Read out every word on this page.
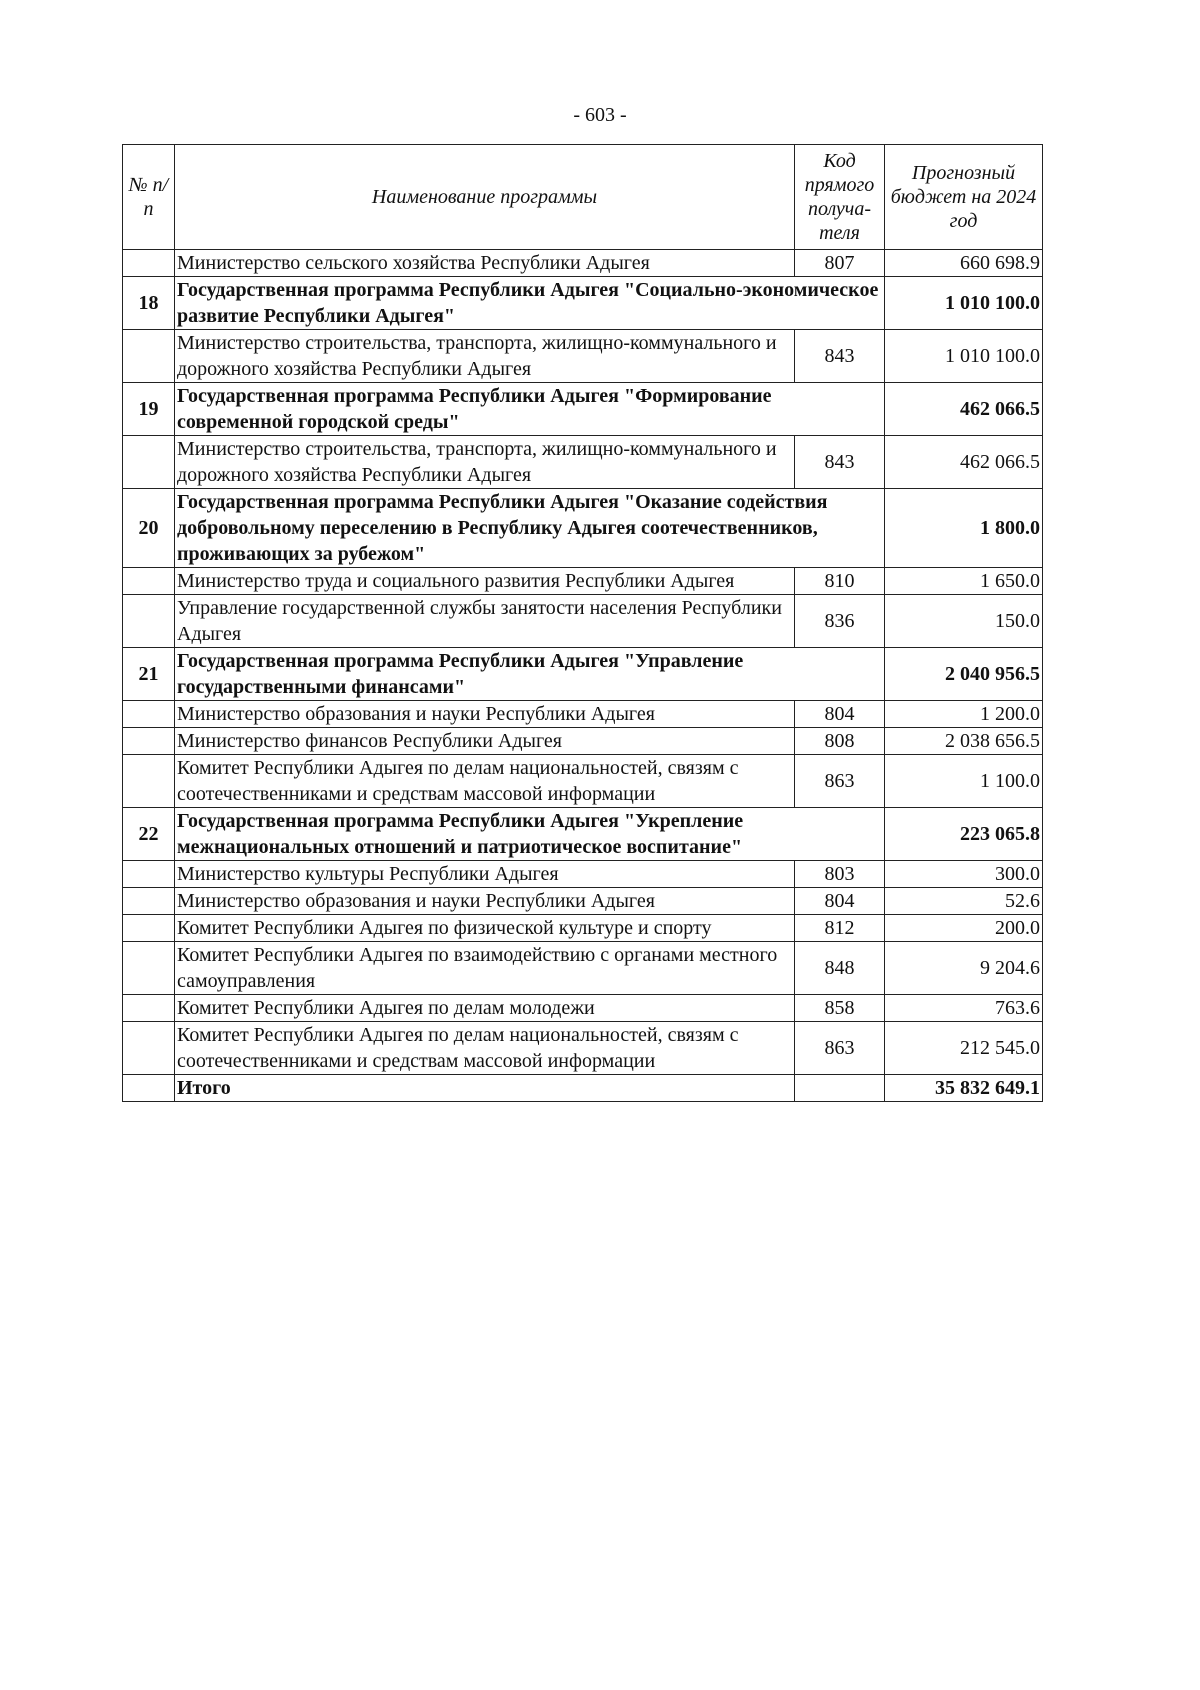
- 603 -
№ п/п	Наименование программы	Код прямого получа-теля	Прогнозный бюджет на 2024 год
	Министерство сельского хозяйства Республики Адыгея	807	660 698.9
18	Государственная программа Республики Адыгея "Социально-экономическое развитие Республики Адыгея"		1 010 100.0
	Министерство строительства, транспорта, жилищно-коммунального и дорожного хозяйства Республики Адыгея	843	1 010 100.0
19	Государственная программа Республики Адыгея "Формирование современной городской среды"		462 066.5
	Министерство строительства, транспорта, жилищно-коммунального и дорожного хозяйства Республики Адыгея	843	462 066.5
20	Государственная программа Республики Адыгея "Оказание содействия добровольному переселению в Республику Адыгея соотечественников, проживающих за рубежом"		1 800.0
	Министерство труда и социального развития Республики Адыгея	810	1 650.0
	Управление государственной службы занятости населения Республики Адыгея	836	150.0
21	Государственная программа Республики Адыгея "Управление государственными финансами"		2 040 956.5
	Министерство образования и науки Республики Адыгея	804	1 200.0
	Министерство финансов Республики Адыгея	808	2 038 656.5
	Комитет Республики Адыгея по делам национальностей, связям с соотечественниками и средствам массовой информации	863	1 100.0
22	Государственная программа Республики Адыгея "Укрепление межнациональных отношений и патриотическое воспитание"		223 065.8
	Министерство культуры Республики Адыгея	803	300.0
	Министерство образования и науки Республики Адыгея	804	52.6
	Комитет Республики Адыгея по физической культуре и спорту	812	200.0
	Комитет Республики Адыгея по взаимодействию с органами местного самоуправления	848	9 204.6
	Комитет Республики Адыгея по делам молодежи	858	763.6
	Комитет Республики Адыгея по делам национальностей, связям с соотечественниками и средствам массовой информации	863	212 545.0
	Итого		35 832 649.1
